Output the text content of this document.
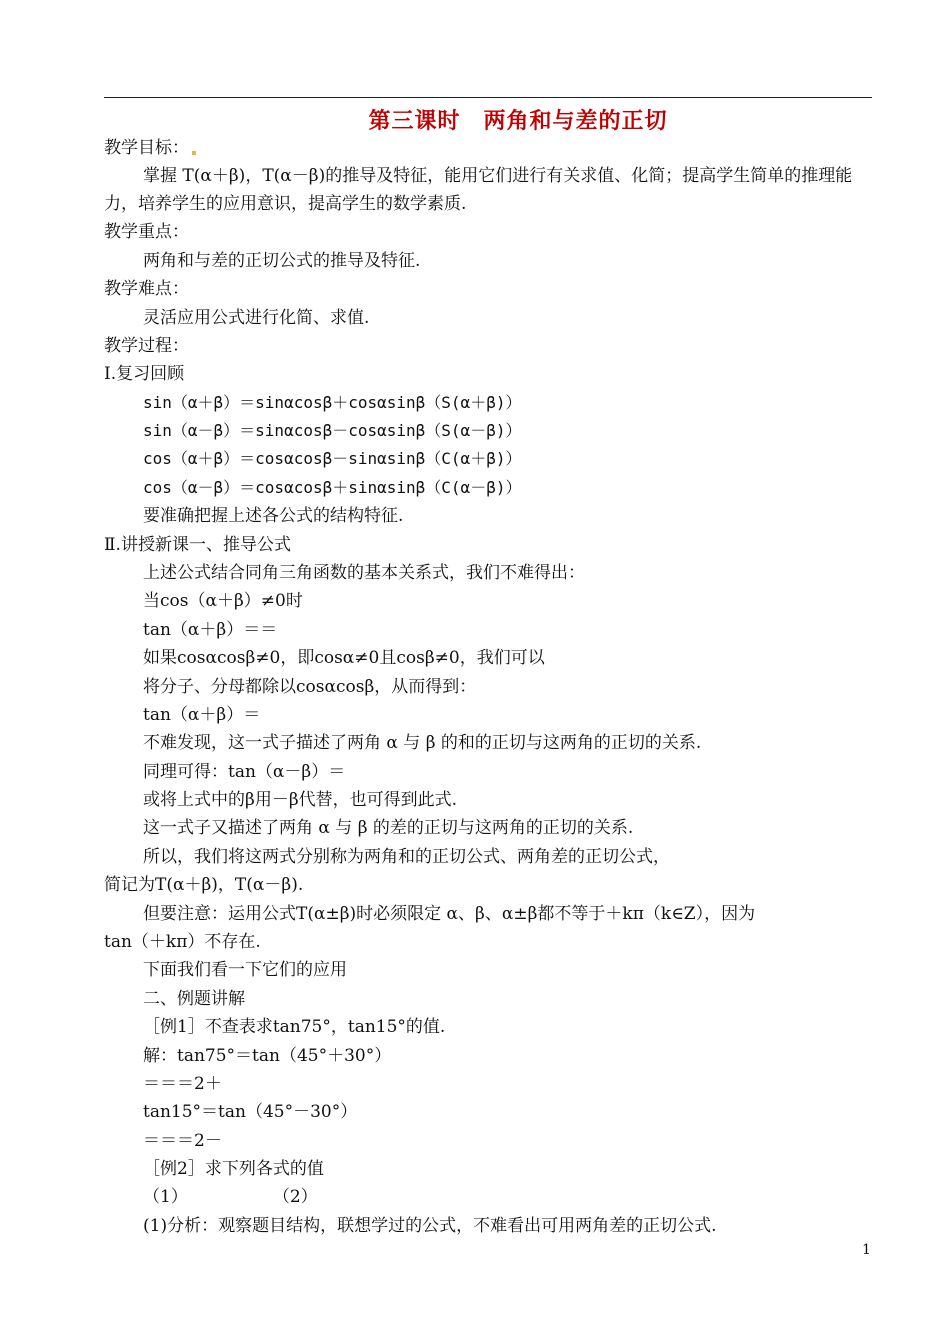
第三课时　两角和与差的正切
教学目标：
掌握 T(α＋β)，T(α－β)的推导及特征，能用它们进行有关求值、化简；提高学生简单的推理能
力，培养学生的应用意识，提高学生的数学素质.
教学重点：
两角和与差的正切公式的推导及特征.
教学难点：
灵活应用公式进行化简、求值.
教学过程：
Ⅰ.复习回顾
sin（α＋β）＝sinαcosβ＋cosαsinβ（S(α＋β)）
sin（α－β）＝sinαcosβ－cosαsinβ（S(α－β)）
cos（α＋β）＝cosαcosβ－sinαsinβ（C(α＋β)）
cos（α－β）＝cosαcosβ＋sinαsinβ（C(α－β)）
要准确把握上述各公式的结构特征.
Ⅱ.讲授新课一、推导公式
上述公式结合同角三角函数的基本关系式，我们不难得出：
当cos（α＋β）≠0时
tan（α＋β）＝＝
如果cosαcosβ≠0，即cosα≠0且cosβ≠0，我们可以
将分子、分母都除以cosαcosβ，从而得到：
tan（α＋β）＝
不难发现，这一式子描述了两角 α 与 β 的和的正切与这两角的正切的关系.
同理可得：tan（α－β）＝
或将上式中的β用－β代替，也可得到此式.
这一式子又描述了两角 α 与 β 的差的正切与这两角的正切的关系.
所以，我们将这两式分别称为两角和的正切公式、两角差的正切公式，
简记为T(α＋β)，T(α－β).
但要注意：运用公式T(α±β)时必须限定 α、β、α±β都不等于＋kπ（k∈Z），因为
tan（＋kπ）不存在.
下面我们看一下它们的应用
二、例题讲解
［例1］不查表求tan75°，tan15°的值.
解：tan75°＝tan（45°＋30°）
＝＝＝2＋
tan15°＝tan（45°－30°）
＝＝＝2－
［例2］求下列各式的值
（1）　　　　　　（2）
(1)分析：观察题目结构，联想学过的公式，不难看出可用两角差的正切公式.
1
